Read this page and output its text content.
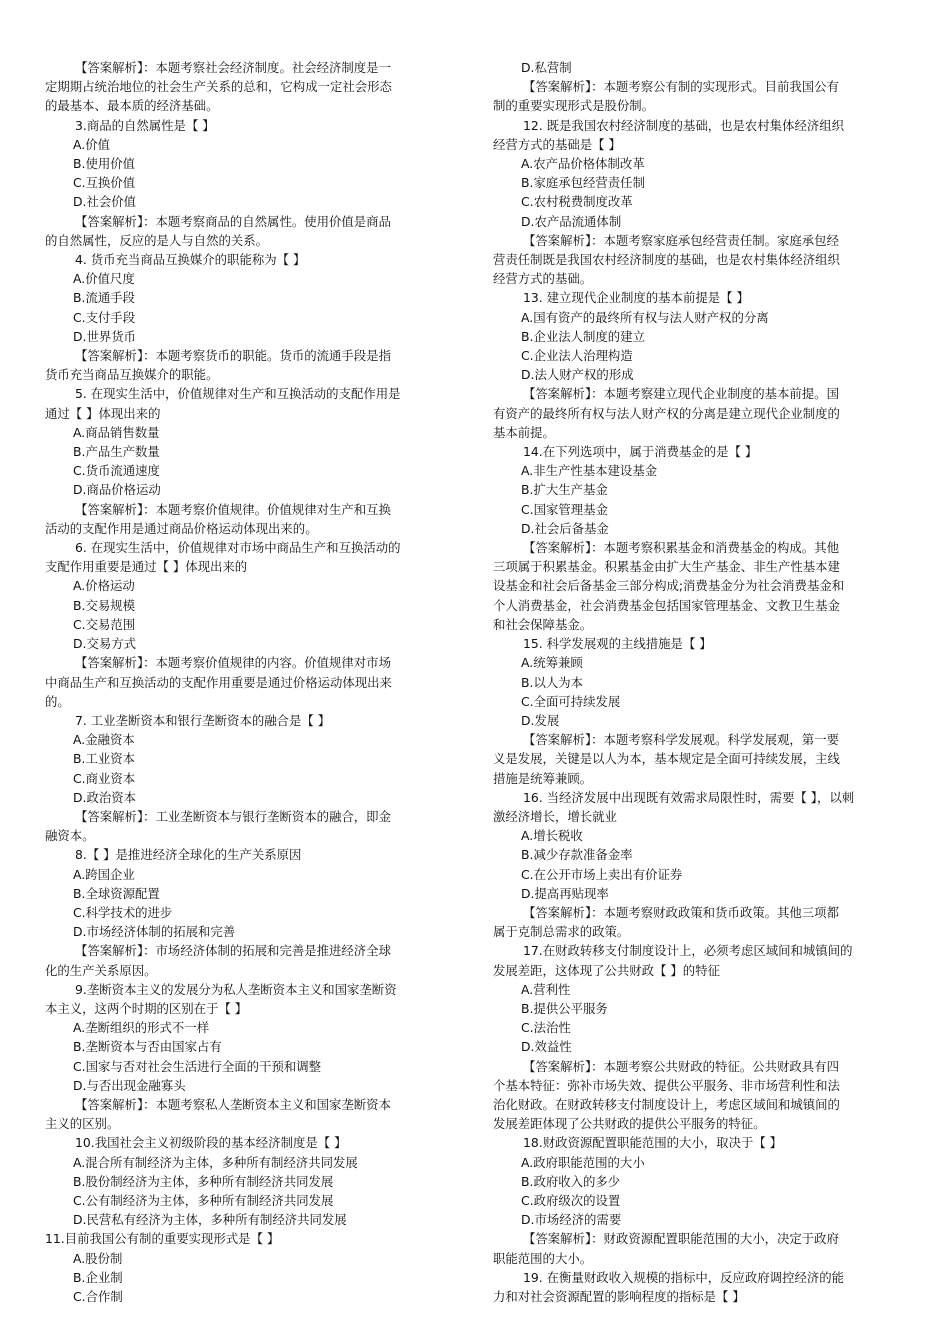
【答案解析】：本题考察社会经济制度。社会经济制度是一
定期期占统治地位的社会生产关系的总和，它构成一定社会形态
的最基本、最本质的经济基础。
3.商品的自然属性是【 】
A.价值
B.使用价值
C.互换价值
D.社会价值
【答案解析】：本题考察商品的自然属性。使用价值是商品
的自然属性，反应的是人与自然的关系。
4. 货币充当商品互换媒介的职能称为【 】
A.价值尺度
B.流通手段
C.支付手段
D.世界货币
【答案解析】：本题考察货币的职能。货币的流通手段是指
货币充当商品互换媒介的职能。
5. 在现实生活中，价值规律对生产和互换活动的支配作用是
通过【 】体现出来的
A.商品销售数量
B.产品生产数量
C.货币流通速度
D.商品价格运动
【答案解析】：本题考察价值规律。价值规律对生产和互换
活动的支配作用是通过商品价格运动体现出来的。
6. 在现实生活中，价值规律对市场中商品生产和互换活动的
支配作用重要是通过【 】体现出来的
A.价格运动
B.交易规模
C.交易范围
D.交易方式
【答案解析】：本题考察价值规律的内容。价值规律对市场
中商品生产和互换活动的支配作用重要是通过价格运动体现出来
的。
7. 工业垄断资本和银行垄断资本的融合是【 】
A.金融资本
B.工业资本
C.商业资本
D.政治资本
【答案解析】：工业垄断资本与银行垄断资本的融合，即金
融资本。
8.【 】是推进经济全球化的生产关系原因
A.跨国企业
B.全球资源配置
C.科学技术的进步
D.市场经济体制的拓展和完善
【答案解析】：市场经济体制的拓展和完善是推进经济全球
化的生产关系原因。
9.垄断资本主义的发展分为私人垄断资本主义和国家垄断资
本主义，这两个时期的区别在于【 】
A.垄断组织的形式不一样
B.垄断资本与否由国家占有
C.国家与否对社会生活进行全面的干预和调整
D.与否出现金融寡头
【答案解析】：本题考察私人垄断资本主义和国家垄断资本
主义的区别。
10.我国社会主义初级阶段的基本经济制度是【 】
A.混合所有制经济为主体，多种所有制经济共同发展
B.股份制经济为主体，多种所有制经济共同发展
C.公有制经济为主体，多种所有制经济共同发展
D.民营私有经济为主体，多种所有制经济共同发展
11.目前我国公有制的重要实现形式是【 】
A.股份制
B.企业制
C.合作制
D.私营制
【答案解析】：本题考察公有制的实现形式。目前我国公有
制的重要实现形式是股份制。
12. 既是我国农村经济制度的基础，也是农村集体经济组织
经营方式的基础是【 】
A.农产品价格体制改革
B.家庭承包经营责任制
C.农村税费制度改革
D.农产品流通体制
【答案解析】：本题考察家庭承包经营责任制。家庭承包经
营责任制既是我国农村经济制度的基础，也是农村集体经济组织
经营方式的基础。
13. 建立现代企业制度的基本前提是【 】
A.国有资产的最终所有权与法人财产权的分离
B.企业法人制度的建立
C.企业法人治理构造
D.法人财产权的形成
【答案解析】：本题考察建立现代企业制度的基本前提。国
有资产的最终所有权与法人财产权的分离是建立现代企业制度的
基本前提。
14.在下列选项中，属于消费基金的是【 】
A.非生产性基本建设基金
B.扩大生产基金
C.国家管理基金
D.社会后备基金
【答案解析】：本题考察积累基金和消费基金的构成。其他
三项属于积累基金。积累基金由扩大生产基金、非生产性基本建
设基金和社会后备基金三部分构成;消费基金分为社会消费基金和
个人消费基金，社会消费基金包括国家管理基金、文教卫生基金
和社会保障基金。
15. 科学发展观的主线措施是【 】
A.统筹兼顾
B.以人为本
C.全面可持续发展
D.发展
【答案解析】：本题考察科学发展观。科学发展观，第一要
义是发展，关键是以人为本，基本规定是全面可持续发展，主线
措施是统筹兼顾。
16. 当经济发展中出现既有效需求局限性时，需要【 】，以刺
激经济增长，增长就业
A.增长税收
B.减少存款准备金率
C.在公开市场上卖出有价证券
D.提高再贴现率
【答案解析】：本题考察财政政策和货币政策。其他三项都
属于克制总需求的政策。
17.在财政转移支付制度设计上，必须考虑区域间和城镇间的
发展差距，这体现了公共财政【 】的特征
A.营利性
B.提供公平服务
C.法治性
D.效益性
【答案解析】：本题考察公共财政的特征。公共财政具有四
个基本特征：弥补市场失效、提供公平服务、非市场营利性和法
治化财政。在财政转移支付制度设计上，考虑区域间和城镇间的
发展差距体现了公共财政的提供公平服务的特征。
18.财政资源配置职能范围的大小，取决于【 】
A.政府职能范围的大小
B.政府收入的多少
C.政府级次的设置
D.市场经济的需要
【答案解析】：财政资源配置职能范围的大小，决定于政府
职能范围的大小。
19. 在衡量财政收入规模的指标中，反应政府调控经济的能
力和对社会资源配置的影响程度的指标是【 】
